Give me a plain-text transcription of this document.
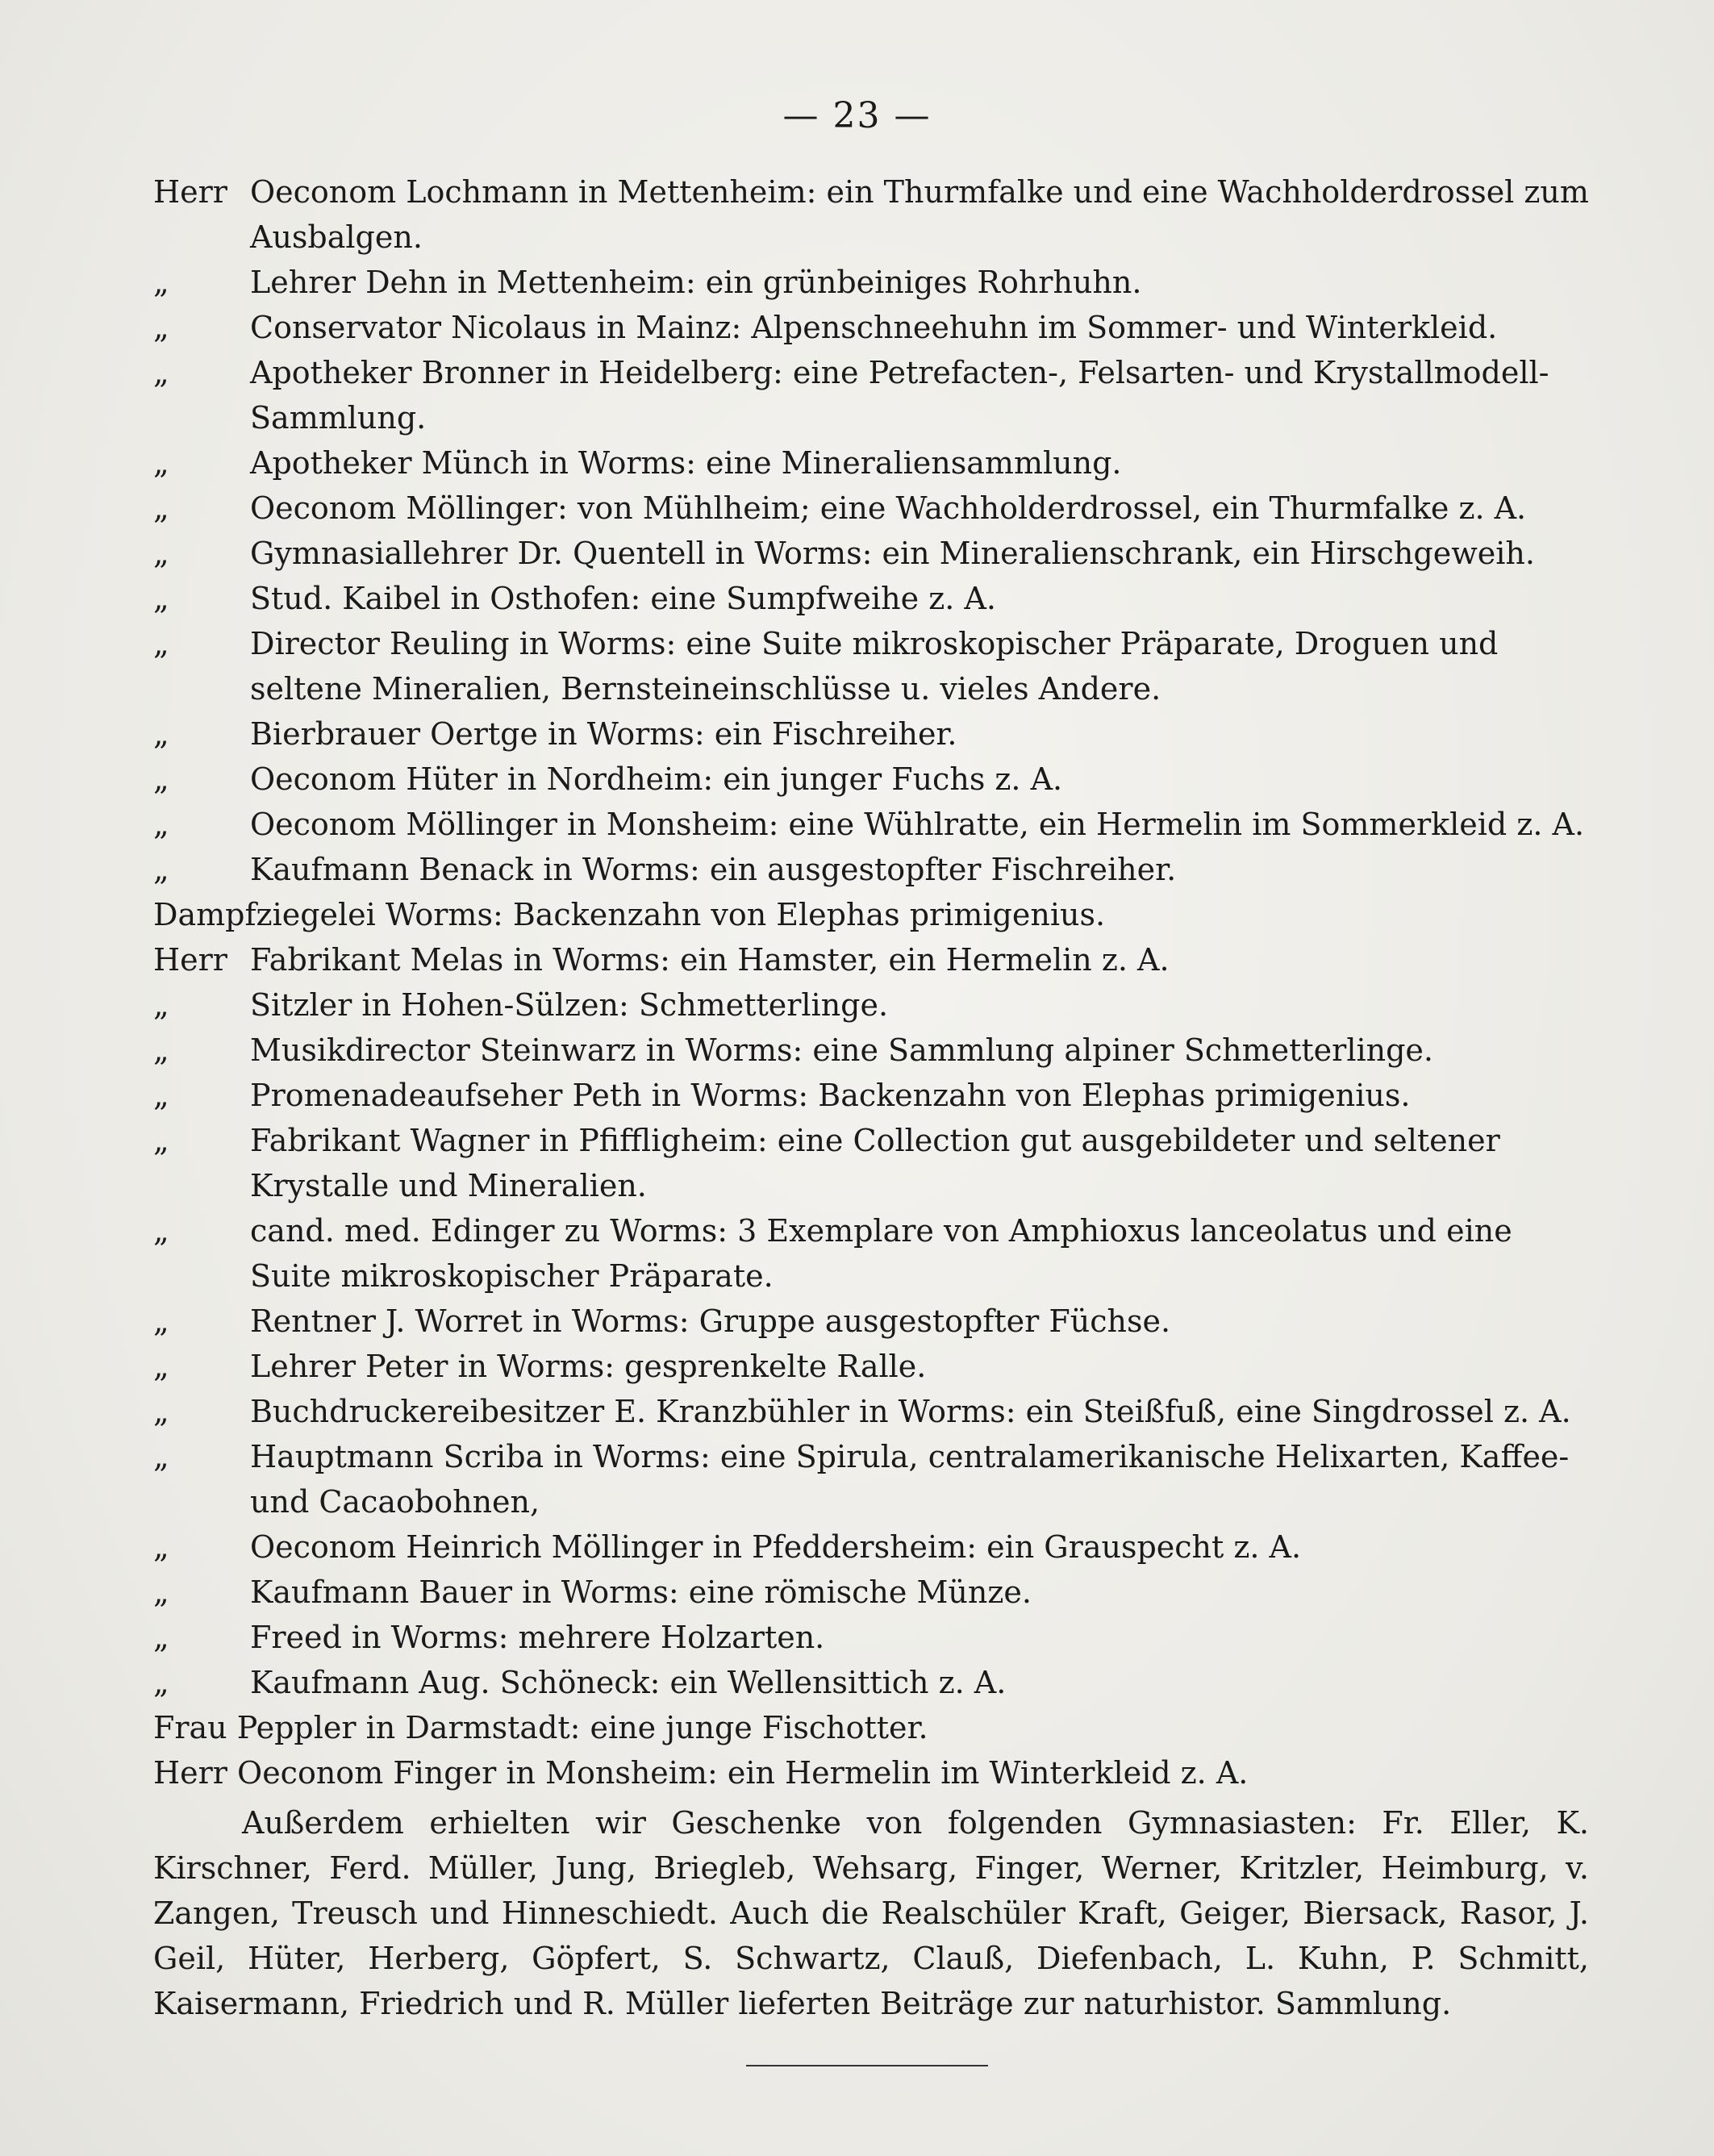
— 23 —

Herr Oeconom Lochmann in Mettenheim: ein Thurmfalke und eine Wachholderdrossel zum Ausbalgen.

„	Lehrer Dehn in Mettenheim: ein grünbeiniges Rohrhuhn.

„	Conservator Nicolaus in Mainz: Alpenschneehuhn im Sommer- und Winterkleid.

„	Apotheker Bronner in Heidelberg: eine Petrefacten-, Felsarten- und Krystallmodell-Sammlung.

„	Apotheker Münch in Worms: eine Mineraliensammlung.

„	Oeconom Möllinger: von Mühlheim; eine Wachholderdrossel, ein Thurmfalke z. A.

„	Gymnasiallehrer Dr. Quentell in Worms: ein Mineralienschrank, ein Hirschgeweih.

„	Stud. Kaibel in Osthofen: eine Sumpfweihe z. A.

„	Director Reuling in Worms: eine Suite mikroskopischer Präparate, Droguen und seltene Mineralien, Bernsteineinschlüsse u. vieles Andere.

„	Bierbrauer Oertge in Worms: ein Fischreiher.

„	Oeconom Hüter in Nordheim: ein junger Fuchs z. A.

„	Oeconom Möllinger in Monsheim: eine Wühlratte, ein Hermelin im Sommerkleid z. A.

„	Kaufmann Benack in Worms: ein ausgestopfter Fischreiher.

Dampfziegelei Worms: Backenzahn von Elephas primigenius.

Herr Fabrikant Melas in Worms: ein Hamster, ein Hermelin z. A.

„	Sitzler in Hohen-Sülzen: Schmetterlinge.

„	Musikdirector Steinwarz in Worms: eine Sammlung alpiner Schmetterlinge.

„	Promenadeaufseher Peth in Worms: Backenzahn von Elephas primigenius.

„	Fabrikant Wagner in Pfiffligheim: eine Collection gut ausgebildeter und seltener Krystalle und Mineralien.

„	cand. med. Edinger zu Worms: 3 Exemplare von Amphioxus lanceolatus und eine Suite mikroskopischer Präparate.

„	Rentner J. Worret in Worms: Gruppe ausgestopfter Füchse.

„	Lehrer Peter in Worms: gesprenkelte Ralle.

„	Buchdruckereibesitzer E. Kranzbühler in Worms: ein Steißfuß, eine Singdrossel z. A.

„	Hauptmann Scriba in Worms: eine Spirula, centralamerikanische Helixarten, Kaffee- und Cacaobohnen,

„	Oeconom Heinrich Möllinger in Pfeddersheim: ein Grauspecht z. A.

„	Kaufmann Bauer in Worms: eine römische Münze.

„	Freed in Worms: mehrere Holzarten.

„	Kaufmann Aug. Schöneck: ein Wellensittich z. A.

Frau Peppler in Darmstadt: eine junge Fischotter.

Herr Oeconom Finger in Monsheim: ein Hermelin im Winterkleid z. A.

Außerdem erhielten wir Geschenke von folgenden Gymnasiasten: Fr. Eller, K. Kirschner, Ferd. Müller, Jung, Briegleb, Wehsarg, Finger, Werner, Kritzler, Heimburg, v. Zangen, Treusch und Hinneschiedt. Auch die Realschüler Kraft, Geiger, Biersack, Rasor, J. Geil, Hüter, Herberg, Göpfert, S. Schwartz, Clauß, Diefenbach, L. Kuhn, P. Schmitt, Kaisermann, Friedrich und R. Müller lieferten Beiträge zur naturhistor. Sammlung.
